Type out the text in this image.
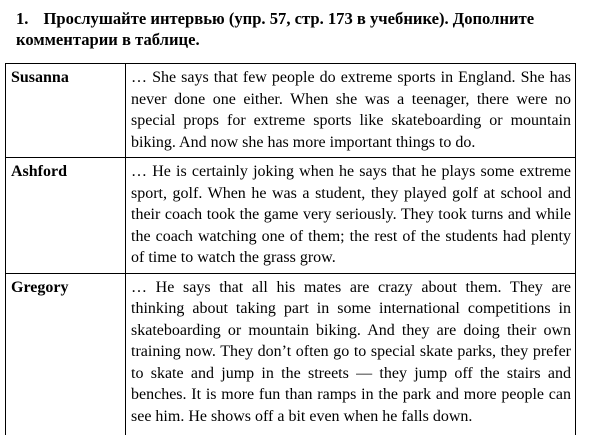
1. Прослушайте интервью (упр. 57, стр. 173 в учебнике). Дополните комментарии в таблице.

Susanna	… She says that few people do extreme sports in England. She has never done one either. When she was a teenager, there were no special props for extreme sports like skateboarding or mountain biking. And now she has more important things to do.
Ashford	… He is certainly joking when he says that he plays some extreme sport, golf. When he was a student, they played golf at school and their coach took the game very seriously. They took turns and while the coach watching one of them; the rest of the students had plenty of time to watch the grass grow.
Gregory	… He says that all his mates are crazy about them. They are thinking about taking part in some international competitions in skateboarding or mountain biking. And they are doing their own training now. They don’t often go to special skate parks, they prefer to skate and jump in the streets — they jump off the stairs and benches. It is more fun than ramps in the park and more people can see him. He shows off a bit even when he falls down.
